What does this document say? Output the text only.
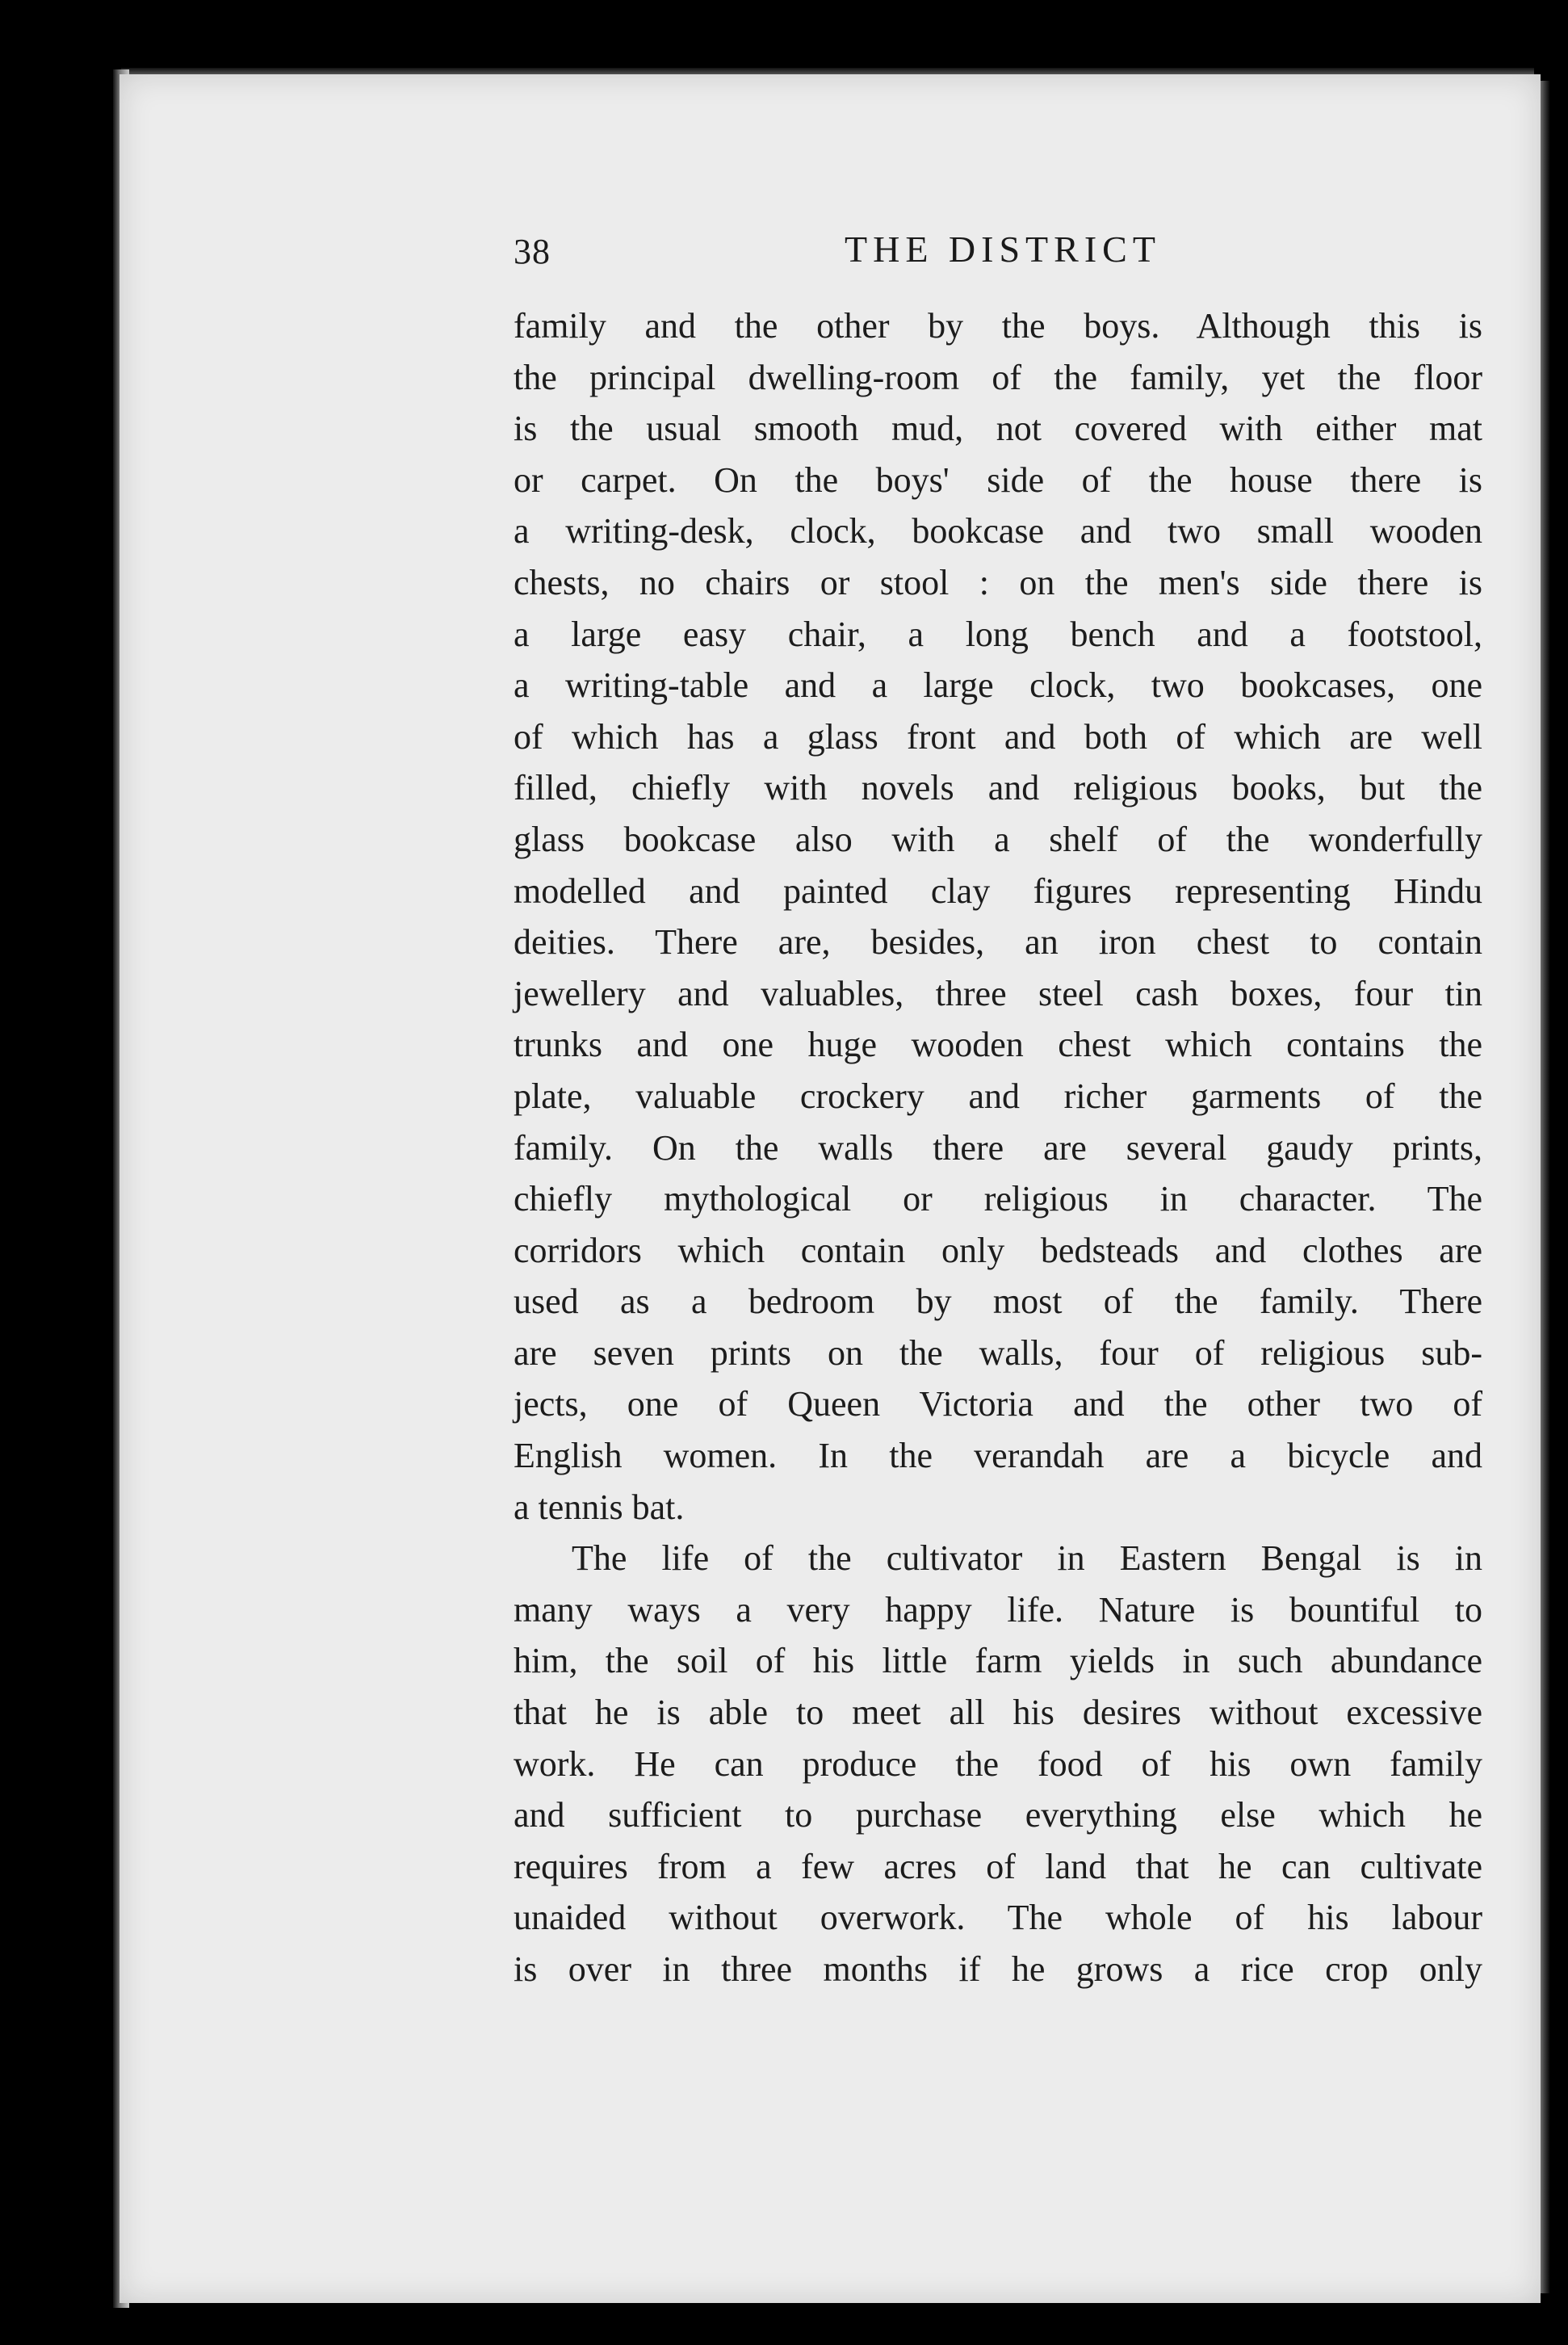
38	THE DISTRICT
family and the other by the boys. Although this is
the principal dwelling-room of the family, yet the floor
is the usual smooth mud, not covered with either mat
or carpet. On the boys' side of the house there is
a writing-desk, clock, bookcase and two small wooden
chests, no chairs or stool : on the men's side there is
a large easy chair, a long bench and a footstool,
a writing-table and a large clock, two bookcases, one
of which has a glass front and both of which are well
filled, chiefly with novels and religious books, but the
glass bookcase also with a shelf of the wonderfully
modelled and painted clay figures representing Hindu
deities. There are, besides, an iron chest to contain
jewellery and valuables, three steel cash boxes, four tin
trunks and one huge wooden chest which contains the
plate, valuable crockery and richer garments of the
family. On the walls there are several gaudy prints,
chiefly mythological or religious in character. The
corridors which contain only bedsteads and clothes are
used as a bedroom by most of the family. There
are seven prints on the walls, four of religious sub-
jects, one of Queen Victoria and the other two of
English women. In the verandah are a bicycle and
a tennis bat.
The life of the cultivator in Eastern Bengal is in
many ways a very happy life. Nature is bountiful to
him, the soil of his little farm yields in such abundance
that he is able to meet all his desires without excessive
work. He can produce the food of his own family
and sufficient to purchase everything else which he
requires from a few acres of land that he can cultivate
unaided without overwork. The whole of his labour
is over in three months if he grows a rice crop only
